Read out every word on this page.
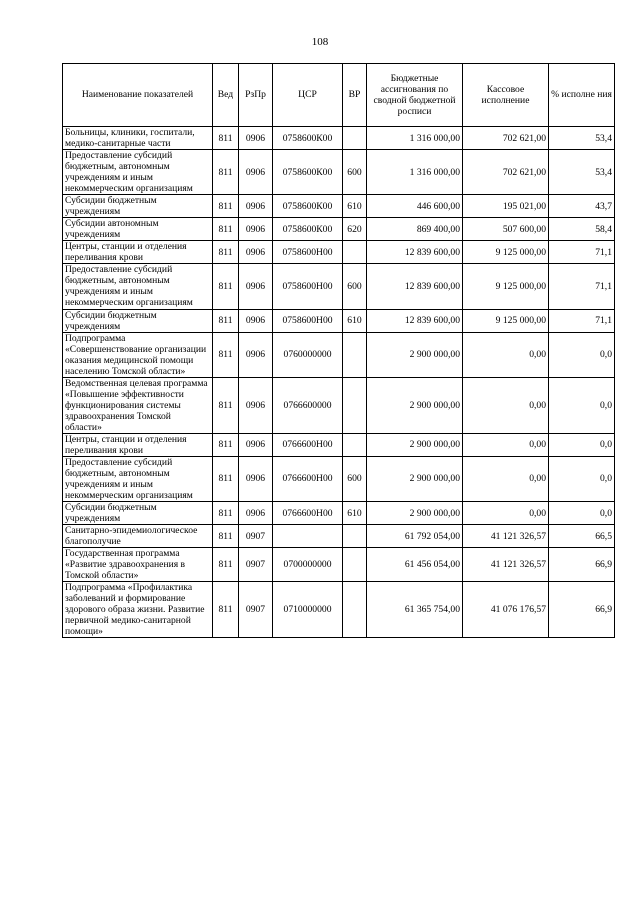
108
Наименование показателей	Вед	РзПр	ЦСР	ВР	Бюджетные ассигнования по сводной бюджетной росписи	Кассовое исполнение	% исполне ния
Больницы, клиники, госпитали, медико-санитарные части	811	0906	0758600К00		1 316 000,00	702 621,00	53,4
Предоставление субсидий бюджетным, автономным учреждениям и иным некоммерческим организациям	811	0906	0758600К00	600	1 316 000,00	702 621,00	53,4
Субсидии бюджетным учреждениям	811	0906	0758600К00	610	446 600,00	195 021,00	43,7
Субсидии автономным учреждениям	811	0906	0758600К00	620	869 400,00	507 600,00	58,4
Центры, станции и отделения переливания крови	811	0906	0758600Н00		12 839 600,00	9 125 000,00	71,1
Предоставление субсидий бюджетным, автономным учреждениям и иным некоммерческим организациям	811	0906	0758600Н00	600	12 839 600,00	9 125 000,00	71,1
Субсидии бюджетным учреждениям	811	0906	0758600Н00	610	12 839 600,00	9 125 000,00	71,1
Подпрограмма «Совершенствование организации оказания медицинской помощи населению Томской области»	811	0906	0760000000		2 900 000,00	0,00	0,0
Ведомственная целевая программа «Повышение эффективности функционирования системы здравоохранения Томской области»	811	0906	0766600000		2 900 000,00	0,00	0,0
Центры, станции и отделения переливания крови	811	0906	0766600Н00		2 900 000,00	0,00	0,0
Предоставление субсидий бюджетным, автономным учреждениям и иным некоммерческим организациям	811	0906	0766600Н00	600	2 900 000,00	0,00	0,0
Субсидии бюджетным учреждениям	811	0906	0766600Н00	610	2 900 000,00	0,00	0,0
Санитарно-эпидемиологическое благополучие	811	0907			61 792 054,00	41 121 326,57	66,5
Государственная программа «Развитие здравоохранения в Томской области»	811	0907	0700000000		61 456 054,00	41 121 326,57	66,9
Подпрограмма «Профилактика заболеваний и формирование здорового образа жизни. Развитие первичной медико-санитарной помощи»	811	0907	0710000000		61 365 754,00	41 076 176,57	66,9
